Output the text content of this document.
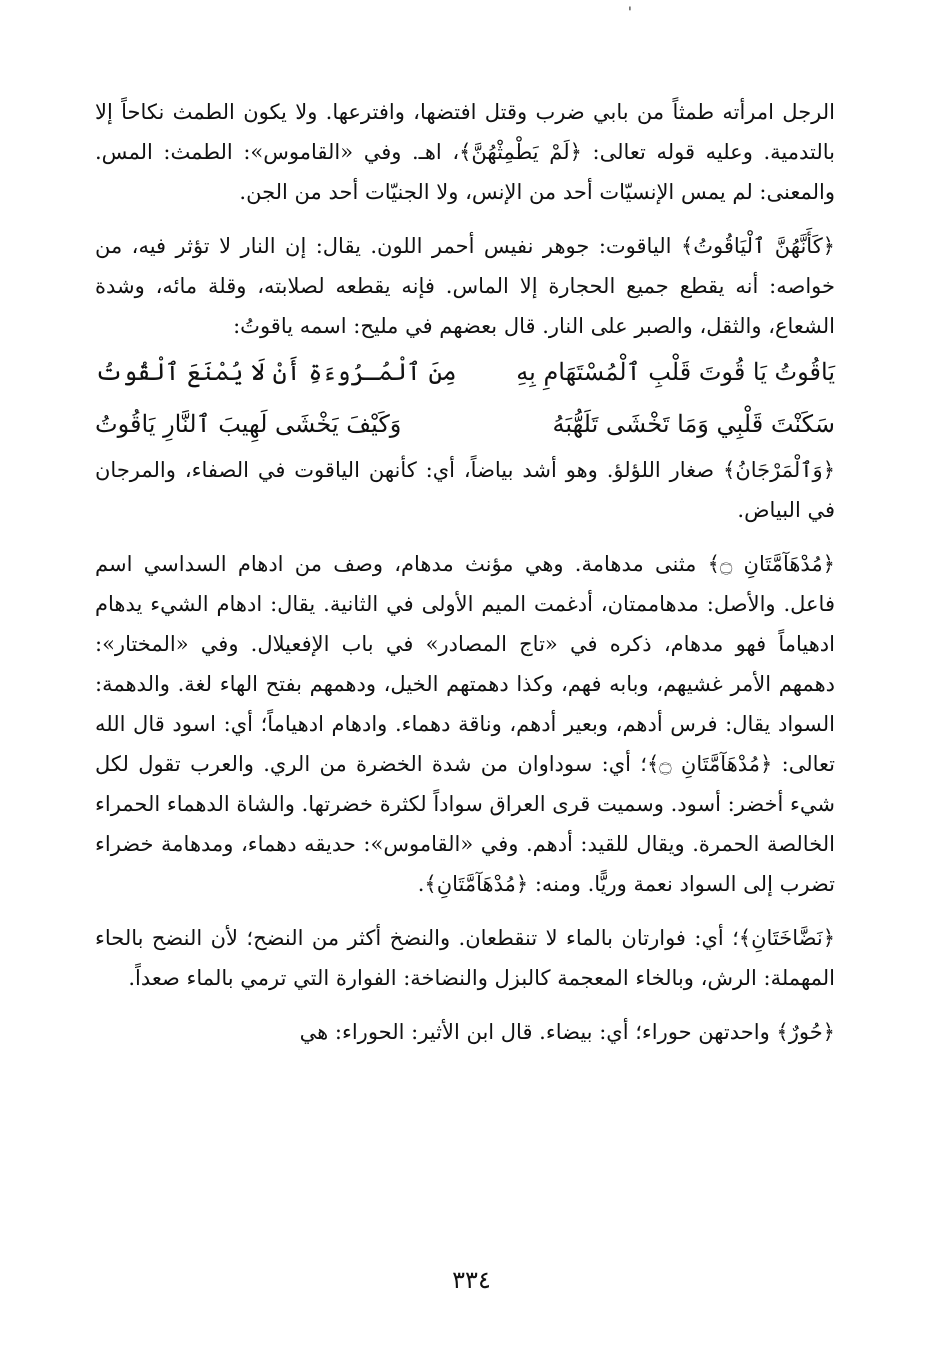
'

الرجل امرأته طمثاً من بابي ضرب وقتل افتضها، وافترعها. ولا يكون الطمث نكاحاً إلا بالتدمية. وعليه قوله تعالى: ﴿لَمْ يَطْمِثْهُنَّ﴾، اهـ. وفي «القاموس»: الطمث: المس. والمعنى: لم يمس الإنسيّات أحد من الإنس، ولا الجنيّات أحد من الجن.

﴿كَأَنَّهُنَّ ٱلْيَاقُوتُ﴾ الياقوت: جوهر نفيس أحمر اللون. يقال: إن النار لا تؤثر فيه، من خواصه: أنه يقطع جميع الحجارة إلا الماس. فإنه يقطعه لصلابته، وقلة مائه، وشدة الشعاع، والثقل، والصبر على النار. قال بعضهم في مليح: اسمه ياقوتُ:

يَاقُوتُ يَا قُوتَ قَلْبِ ٱلْمُسْتَهَامِ بِهِ
مِنَ ٱلْمُـرُوءَةِ أَنْ لَا يُمْنَعَ ٱلْقُوتُ
سَكَنْتَ قَلْبِي وَمَا تَخْشَى تَلَهُّبَهُ
وَكَيْفَ يَخْشَى لَهِيبَ ٱلنَّارِ يَاقُوتُ

﴿وَٱلْمَرْجَانُ﴾ صغار اللؤلؤ. وهو أشد بياضاً، أي: كأنهن الياقوت في الصفاء، والمرجان في البياض.

﴿مُدْهَآمَّتَانِ ۝﴾ مثنى مدهامة. وهي مؤنث مدهام، وصف من ادهام السداسي اسم فاعل. والأصل: مدهاممتان، أدغمت الميم الأولى في الثانية. يقال: ادهام الشيء يدهام ادهياماً فهو مدهام، ذكره في «تاج المصادر» في باب الإفعيلال. وفي «المختار»: دهمهم الأمر غشيهم، وبابه فهم، وكذا دهمتهم الخيل، ودهمهم بفتح الهاء لغة. والدهمة: السواد يقال: فرس أدهم، وبعير أدهم، وناقة دهماء. وادهام ادهياماً؛ أي: اسود قال الله تعالى: ﴿مُدْهَآمَّتَانِ ۝﴾؛ أي: سوداوان من شدة الخضرة من الري. والعرب تقول لكل شيء أخضر: أسود. وسميت قرى العراق سواداً لكثرة خضرتها. والشاة الدهماء الحمراء الخالصة الحمرة. ويقال للقيد: أدهم. وفي «القاموس»: حديقه دهماء، ومدهامة خضراء تضرب إلى السواد نعمة وريًّا. ومنه: ﴿مُدْهَآمَّتَانِ﴾.

﴿نَضَّاخَتَانِ﴾؛ أي: فوارتان بالماء لا تنقطعان. والنضخ أكثر من النضح؛ لأن النضح بالحاء المهملة: الرش، وبالخاء المعجمة كالبزل والنضاخة: الفوارة التي ترمي بالماء صعداً.

﴿حُورٌ﴾ واحدتهن حوراء؛ أي: بيضاء. قال ابن الأثير: الحوراء: هي

٣٣٤
